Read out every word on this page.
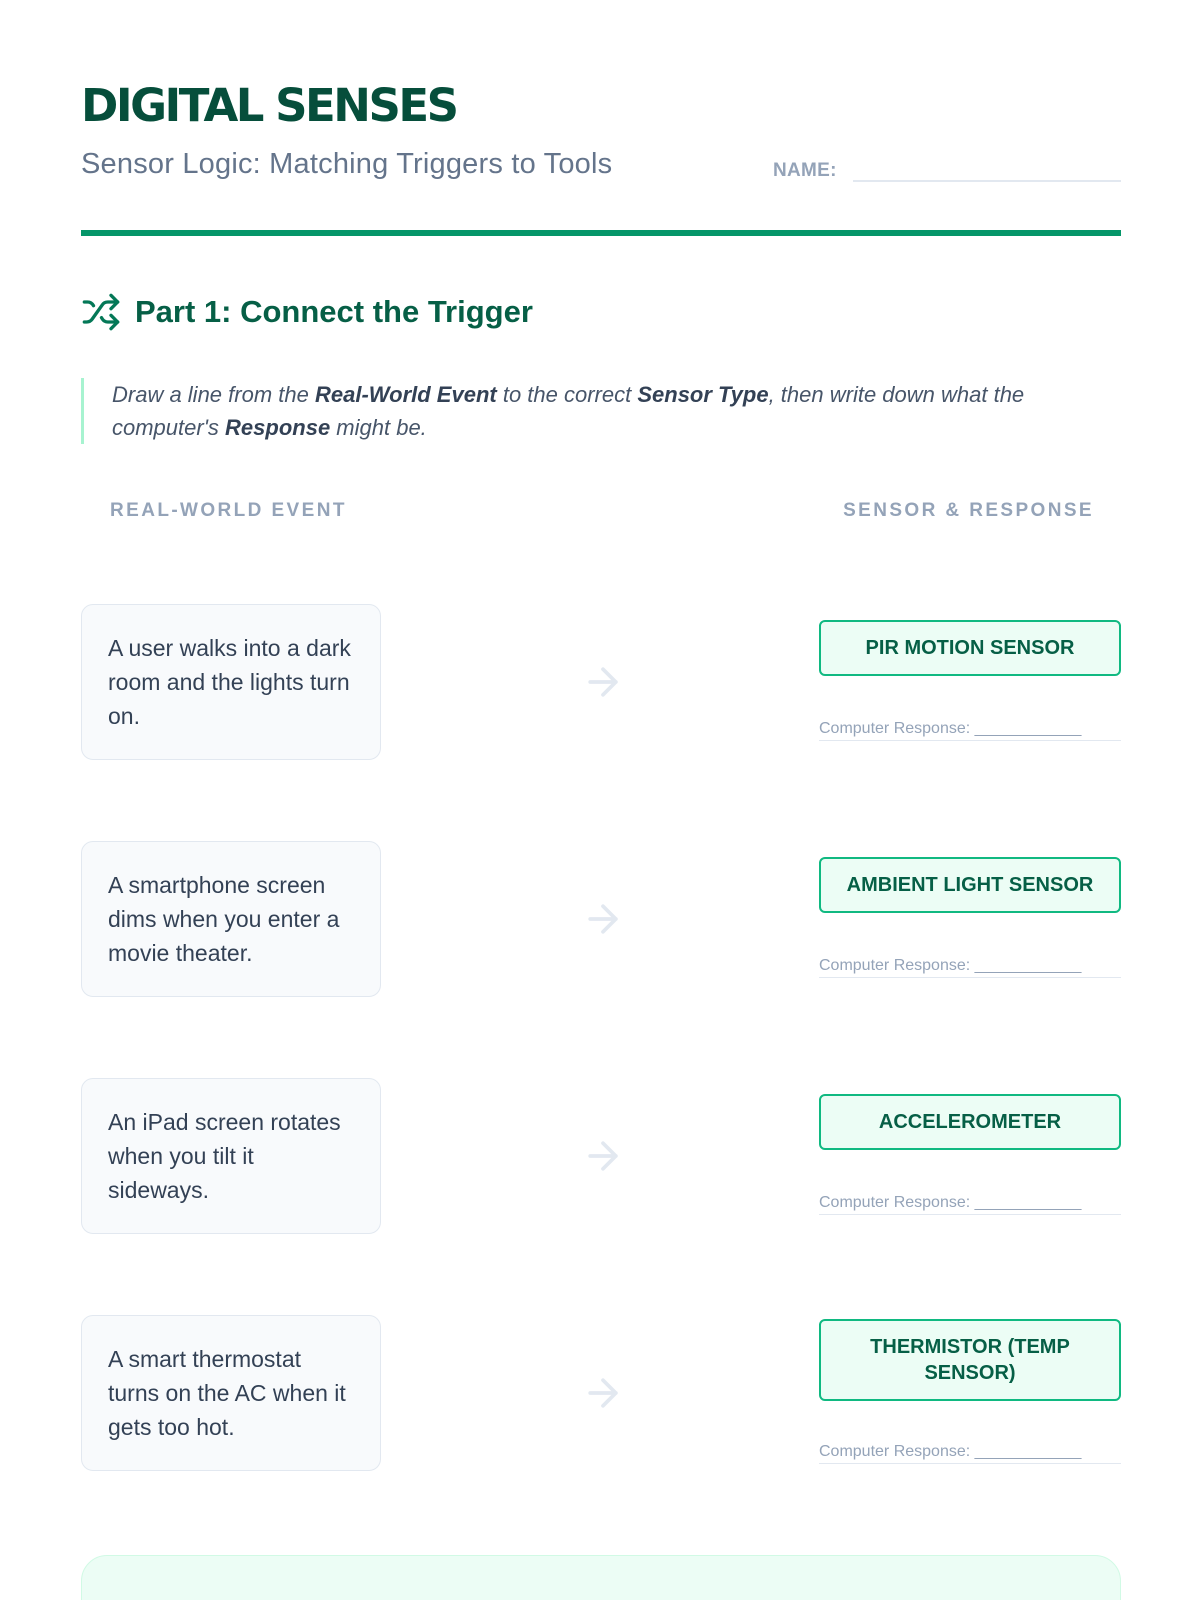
DIGITAL SENSES
Sensor Logic: Matching Triggers to Tools	NAME:
Part 1: Connect the Trigger
Draw a line from the Real-World Event to the correct Sensor Type, then write down what the computer's Response might be.
REAL-WORLD EVENT	SENSOR & RESPONSE
A user walks into a dark room and the lights turn on.
PIR MOTION SENSOR
Computer Response: ____________
A smartphone screen dims when you enter a movie theater.
AMBIENT LIGHT SENSOR
Computer Response: ____________
An iPad screen rotates when you tilt it sideways.
ACCELEROMETER
Computer Response: ____________
A smart thermostat turns on the AC when it gets too hot.
THERMISTOR (TEMP SENSOR)
Computer Response: ____________
